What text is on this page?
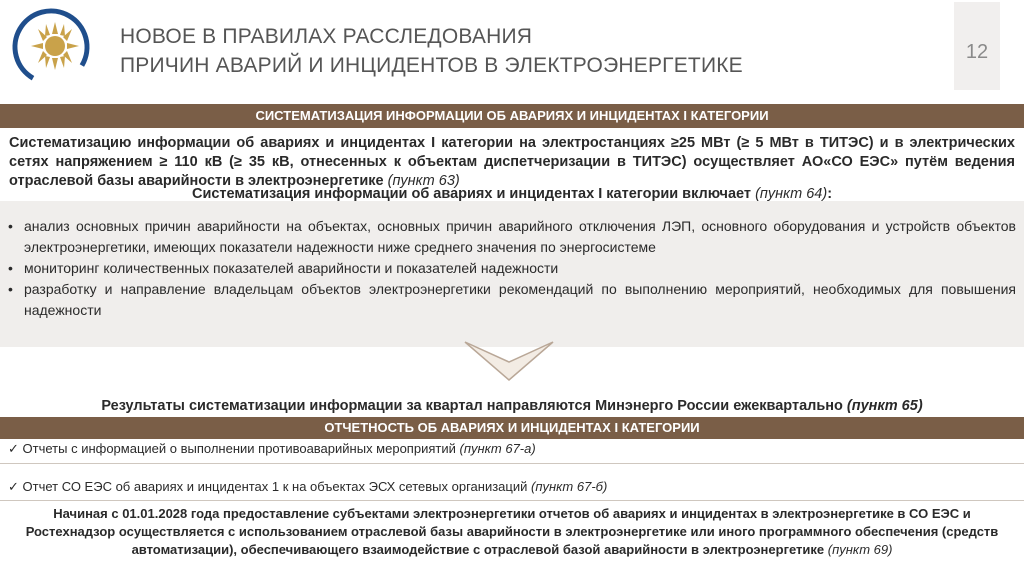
НОВОЕ В ПРАВИЛАХ РАССЛЕДОВАНИЯ
ПРИЧИН АВАРИЙ И ИНЦИДЕНТОВ В ЭЛЕКТРОЭНЕРГЕТИКЕ
12
СИСТЕМАТИЗАЦИЯ ИНФОРМАЦИИ ОБ АВАРИЯХ И ИНЦИДЕНТАХ I КАТЕГОРИИ
Систематизацию информации об авариях и инцидентах I категории на электростанциях ≥25 МВт (≥ 5 МВт в ТИТЭС) и в электрических сетях напряжением ≥ 110 кВ (≥ 35 кВ, отнесенных к объектам диспетчеризации в ТИТЭС) осуществляет АО«СО ЕЭС» путём ведения отраслевой базы аварийности в электроэнергетике (пункт 63)
Систематизация информации об авариях и инцидентах I категории включает (пункт 64):
• анализ основных причин аварийности на объектах, основных причин аварийного отключения ЛЭП, основного оборудования и устройств объектов электроэнергетики, имеющих показатели надежности ниже среднего значения по энергосистеме
• мониторинг количественных показателей аварийности и показателей надежности
• разработку и направление владельцам объектов электроэнергетики рекомендаций по выполнению мероприятий, необходимых для повышения надежности
Результаты систематизации информации за квартал направляются Минэнерго России ежеквартально (пункт 65)
ОТЧЕТНОСТЬ ОБ АВАРИЯХ И ИНЦИДЕНТАХ I КАТЕГОРИИ
✓ Отчеты с информацией о выполнении противоаварийных мероприятий (пункт 67-а)
✓ Отчет СО ЕЭС об авариях и инцидентах 1 к на объектах ЭСХ сетевых организаций (пункт 67-б)
Начиная с 01.01.2028 года предоставление субъектами электроэнергетики отчетов об авариях и инцидентах в электроэнергетике в СО ЕЭС и Ростехнадзор осуществляется с использованием отраслевой базы аварийности в электроэнергетике или иного программного обеспечения (средств автоматизации), обеспечивающего взаимодействие с отраслевой базой аварийности в электроэнергетике (пункт 69)
